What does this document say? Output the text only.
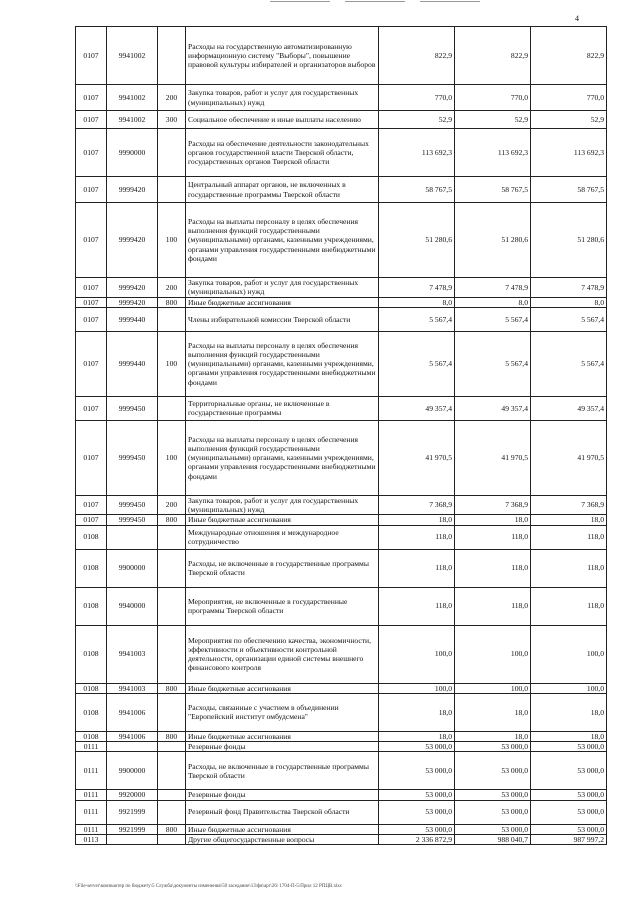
4
0107	9941002		Расходы на государственную автоматизированную информационную систему "Выборы", повышение правовой культуры избирателей и организаторов выборов	822,9	822,9	822,9
0107	9941002	200	Закупка товаров, работ и услуг для государственных (муниципальных) нужд	770,0	770,0	770,0
0107	9941002	300	Социальное обеспечение и иные выплаты населению	52,9	52,9	52,9
0107	9990000		Расходы на обеспечение деятельности законодательных органов государственной власти Тверской области, государственных органов Тверской области	113 692,3	113 692,3	113 692,3
0107	9999420		Центральный аппарат органов, не включенных в государственные программы Тверской области	58 767,5	58 767,5	58 767,5
0107	9999420	100	Расходы на выплаты персоналу в целях обеспечения выполнения функций государственными (муниципальными) органами, казенными учреждениями, органами управления государственными внебюджетными фондами	51 280,6	51 280,6	51 280,6
0107	9999420	200	Закупка товаров, работ и услуг для государственных (муниципальных) нужд	7 478,9	7 478,9	7 478,9
0107	9999420	800	Иные бюджетные ассигнования	8,0	8,0	8,0
0107	9999440		Члены избирательной комиссии Тверской области	5 567,4	5 567,4	5 567,4
0107	9999440	100	Расходы на выплаты персоналу в целях обеспечения выполнения функций государственными (муниципальными) органами, казенными учреждениями, органами управления государственными внебюджетными фондами	5 567,4	5 567,4	5 567,4
0107	9999450		Территориальные органы, не включенные в государственные программы	49 357,4	49 357,4	49 357,4
0107	9999450	100	Расходы на выплаты персоналу в целях обеспечения выполнения функций государственными (муниципальными) органами, казенными учреждениями, органами управления государственными внебюджетными фондами	41 970,5	41 970,5	41 970,5
0107	9999450	200	Закупка товаров, работ и услуг для государственных (муниципальных) нужд	7 368,9	7 368,9	7 368,9
0107	9999450	800	Иные бюджетные ассигнования	18,0	18,0	18,0
0108			Международные отношения и международное сотрудничество	118,0	118,0	118,0
0108	9900000		Расходы, не включенные в государственные программы Тверской области	118,0	118,0	118,0
0108	9940000		Мероприятия, не включенные в государственные программы Тверской области	118,0	118,0	118,0
0108	9941003		Мероприятия по обеспечению качества, экономичности, эффективности и объективности контрольной деятельности, организации единой системы внешнего финансового контроля	100,0	100,0	100,0
0108	9941003	800	Иные бюджетные ассигнования	100,0	100,0	100,0
0108	9941006		Расходы, связанные с участием в объединении "Европейский институт омбудсмена"	18,0	18,0	18,0
0108	9941006	800	Иные бюджетные ассигнования	18,0	18,0	18,0
0111			Резервные фонды	53 000,0	53 000,0	53 000,0
0111	9900000		Расходы, не включенные в государственные программы Тверской области	53 000,0	53 000,0	53 000,0
0111	9920000		Резервные фонды	53 000,0	53 000,0	53 000,0
0111	9921999		Резервный фонд Правительства Тверской области	53 000,0	53 000,0	53 000,0
0111	9921999	800	Иные бюджетные ассигнования	53 000,0	53 000,0	53 000,0
0113			Другие общегосударственные вопросы	2 336 872,9	988 040,7	987 997,2
\\File-server\компьютер по бюджету\5 Служба\документы изменения\50 заседание\13\фя\apr\26\ 1704-П-5\Прил 12 РПЦВ.xlsx
